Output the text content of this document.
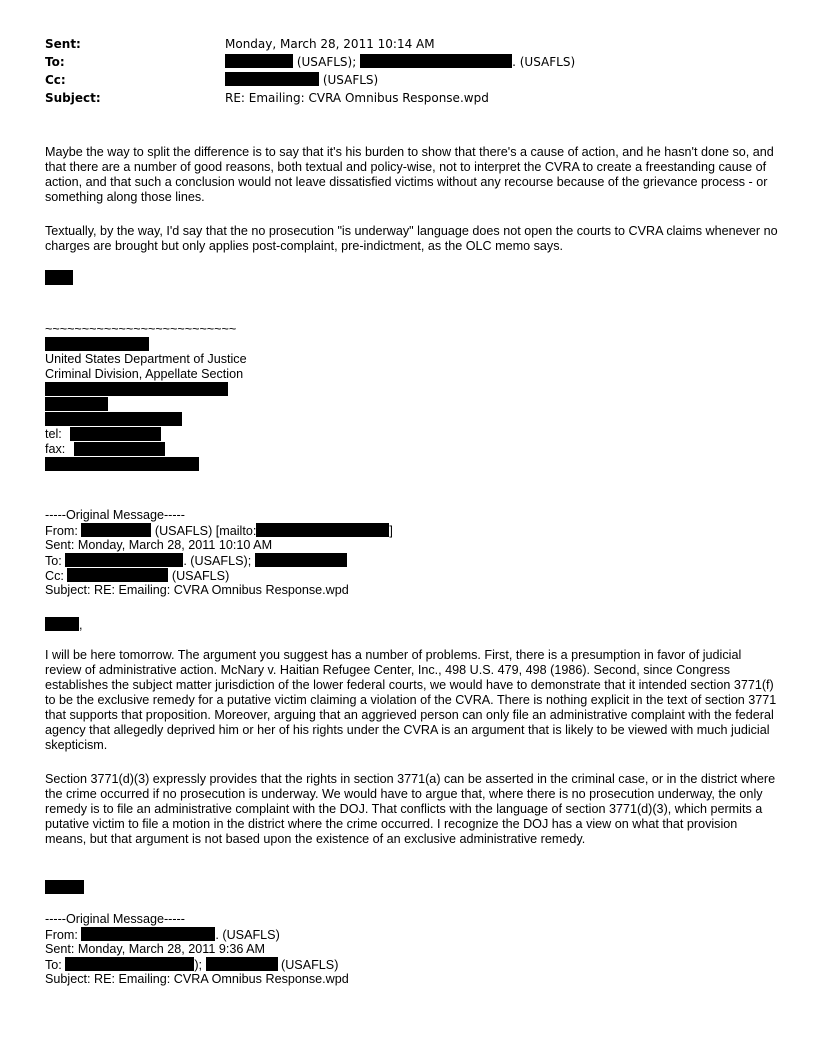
Sent:	Monday, March 28, 2011 10:14 AM
To:	(USAFLS);	. (USAFLS)
Cc:	(USAFLS)
Subject:	RE: Emailing: CVRA Omnibus Response.wpd
Maybe the way to split the difference is to say that it's his burden to show that there's a cause of action, and he hasn't done so, and that there are a number of good reasons, both textual and policy-wise, not to interpret the CVRA to create a freestanding cause of action, and that such a conclusion would not leave dissatisfied victims without any recourse because of the grievance process - or something along those lines.
Textually, by the way, I'd say that the no prosecution "is underway" language does not open the courts to CVRA claims whenever no charges are brought but only applies post-complaint, pre-indictment, as the OLC memo says.
~~~~~~~~~~~~~~~~~~~~~~~~~~
United States Department of Justice
Criminal Division, Appellate Section
tel:
fax:
-----Original Message-----
From:	(USAFLS) [mailto:	]
Sent: Monday, March 28, 2011 10:10 AM
To:	. (USAFLS);
Cc:	(USAFLS)
Subject: RE: Emailing: CVRA Omnibus Response.wpd
,
I will be here tomorrow. The argument you suggest has a number of problems. First, there is a presumption in favor of judicial review of administrative action. McNary v. Haitian Refugee Center, Inc., 498 U.S. 479, 498 (1986). Second, since Congress establishes the subject matter jurisdiction of the lower federal courts, we would have to demonstrate that it intended section 3771(f) to be the exclusive remedy for a putative victim claiming a violation of the CVRA. There is nothing explicit in the text of section 3771 that supports that proposition. Moreover, arguing that an aggrieved person can only file an administrative complaint with the federal agency that allegedly deprived him or her of his rights under the CVRA is an argument that is likely to be viewed with much judicial skepticism.
Section 3771(d)(3) expressly provides that the rights in section 3771(a) can be asserted in the criminal case, or in the district where the crime occurred if no prosecution is underway. We would have to argue that, where there is no prosecution underway, the only remedy is to file an administrative complaint with the DOJ. That conflicts with the language of section 3771(d)(3), which permits a putative victim to file a motion in the district where the crime occurred. I recognize the DOJ has a view on what that provision means, but that argument is not based upon the existence of an exclusive administrative remedy.
-----Original Message-----
From:	. (USAFLS)
Sent: Monday, March 28, 2011 9:36 AM
To:	);	(USAFLS)
Subject: RE: Emailing: CVRA Omnibus Response.wpd
